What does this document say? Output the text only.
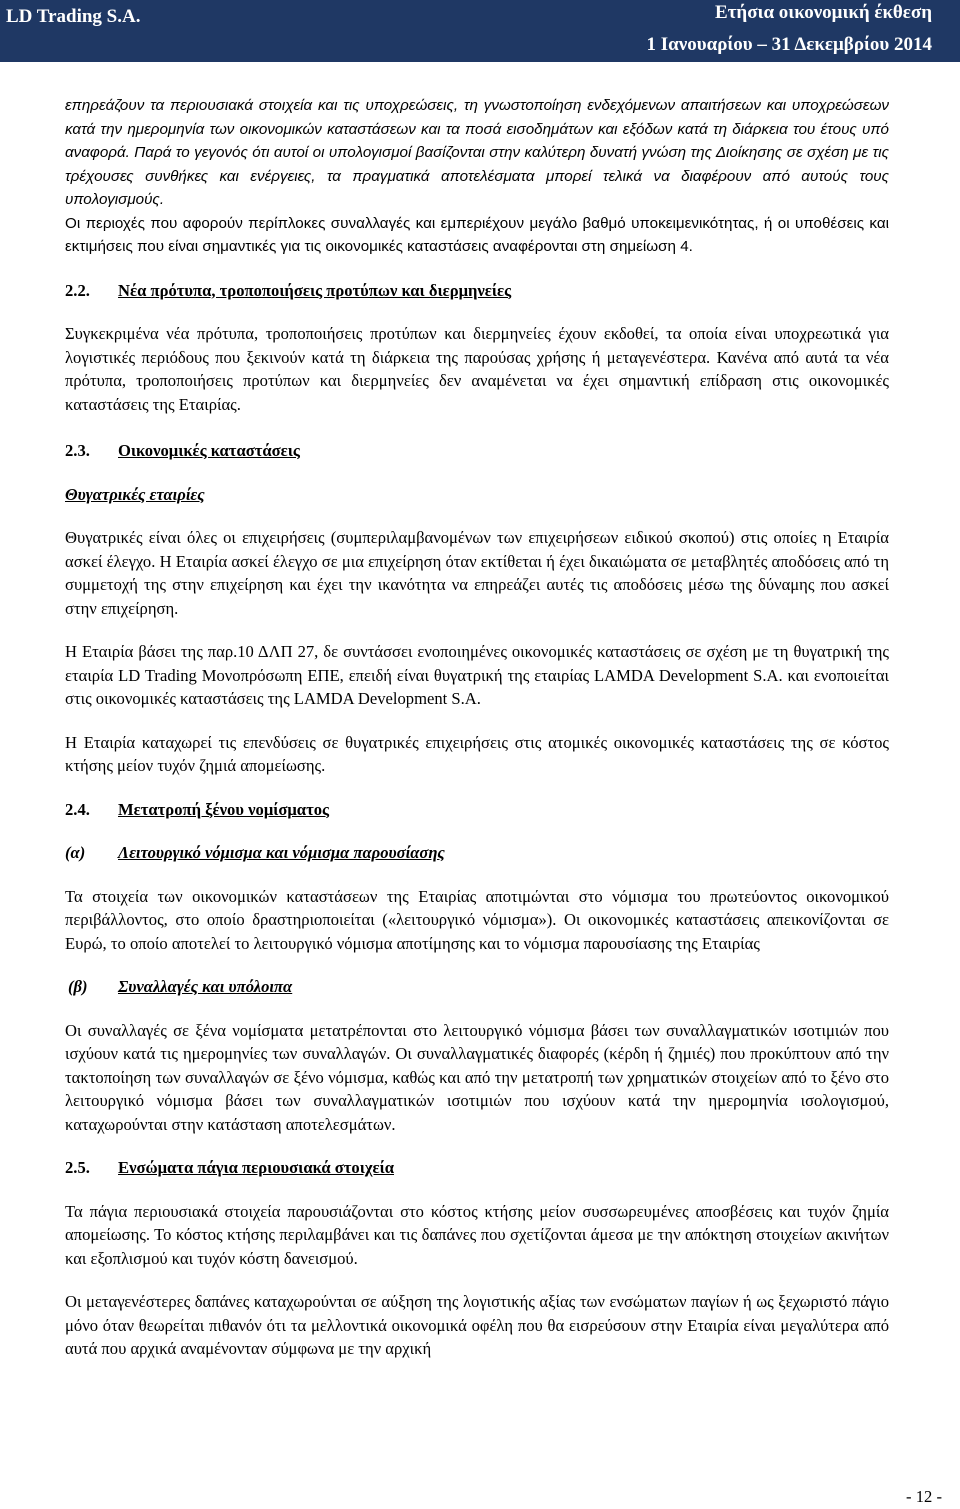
LD Trading S.A.	Ετήσια οικονομική έκθεση
1 Ιανουαρίου – 31 Δεκεμβρίου 2014

επηρεάζουν τα περιουσιακά στοιχεία και τις υποχρεώσεις, τη γνωστοποίηση ενδεχόμενων απαιτήσεων και υποχρεώσεων κατά την ημερομηνία των οικονομικών καταστάσεων και τα ποσά εισοδημάτων και εξόδων κατά τη διάρκεια του έτους υπό αναφορά. Παρά το γεγονός ότι αυτοί οι υπολογισμοί βασίζονται στην καλύτερη δυνατή γνώση της Διοίκησης σε σχέση με τις τρέχουσες συνθήκες και ενέργειες, τα πραγματικά αποτελέσματα μπορεί τελικά να διαφέρουν από αυτούς τους υπολογισμούς.

Οι περιοχές που αφορούν περίπλοκες συναλλαγές και εμπεριέχουν μεγάλο βαθμό υποκειμενικότητας, ή οι υποθέσεις και εκτιμήσεις που είναι σημαντικές για τις οικονομικές καταστάσεις αναφέρονται στη σημείωση 4.

2.2. Νέα πρότυπα, τροποποιήσεις προτύπων και διερμηνείες

Συγκεκριμένα νέα πρότυπα, τροποποιήσεις προτύπων και διερμηνείες έχουν εκδοθεί, τα οποία είναι υποχρεωτικά για λογιστικές περιόδους που ξεκινούν κατά τη διάρκεια της παρούσας χρήσης ή μεταγενέστερα. Κανένα από αυτά τα νέα πρότυπα, τροποποιήσεις προτύπων και διερμηνείες δεν αναμένεται να έχει σημαντική επίδραση στις οικονομικές καταστάσεις της Εταιρίας.

2.3. Οικονομικές καταστάσεις

Θυγατρικές εταιρίες

Θυγατρικές είναι όλες οι επιχειρήσεις (συμπεριλαμβανομένων των επιχειρήσεων ειδικού σκοπού) στις οποίες η Εταιρία ασκεί έλεγχο. Η Εταιρία ασκεί έλεγχο σε μια επιχείρηση όταν εκτίθεται ή έχει δικαιώματα σε μεταβλητές αποδόσεις από τη συμμετοχή της στην επιχείρηση και έχει την ικανότητα να επηρεάζει αυτές τις αποδόσεις μέσω της δύναμης που ασκεί στην επιχείρηση.

Η Εταιρία βάσει της παρ.10 ΔΛΠ 27, δε συντάσσει ενοποιημένες οικονομικές καταστάσεις σε σχέση με τη θυγατρική της εταιρία LD Trading Μονοπρόσωπη ΕΠΕ, επειδή είναι θυγατρική της εταιρίας LAMDA Development S.A. και ενοποιείται στις οικονομικές καταστάσεις της LAMDA Development S.A.

Η Εταιρία καταχωρεί τις επενδύσεις σε θυγατρικές επιχειρήσεις στις ατομικές οικονομικές καταστάσεις της σε κόστος κτήσης μείον τυχόν ζημιά απομείωσης.

2.4. Μετατροπή ξένου νομίσματος

(α) Λειτουργικό νόμισμα και νόμισμα παρουσίασης

Τα στοιχεία των οικονομικών καταστάσεων της Εταιρίας αποτιμώνται στο νόμισμα του πρωτεύοντος οικονομικού περιβάλλοντος, στο οποίο δραστηριοποιείται («λειτουργικό νόμισμα»). Οι οικονομικές καταστάσεις απεικονίζονται σε Ευρώ, το οποίο αποτελεί το λειτουργικό νόμισμα αποτίμησης και το νόμισμα παρουσίασης της Εταιρίας

(β) Συναλλαγές και υπόλοιπα

Οι συναλλαγές σε ξένα νομίσματα μετατρέπονται στο λειτουργικό νόμισμα βάσει των συναλλαγματικών ισοτιμιών που ισχύουν κατά τις ημερομηνίες των συναλλαγών. Οι συναλλαγματικές διαφορές (κέρδη ή ζημιές) που προκύπτουν από την τακτοποίηση των συναλλαγών σε ξένο νόμισμα, καθώς και από την μετατροπή των χρηματικών στοιχείων από το ξένο στο λειτουργικό νόμισμα βάσει των συναλλαγματικών ισοτιμιών που ισχύουν κατά την ημερομηνία ισολογισμού, καταχωρούνται στην κατάσταση αποτελεσμάτων.

2.5. Ενσώματα πάγια περιουσιακά στοιχεία

Τα πάγια περιουσιακά στοιχεία παρουσιάζονται στο κόστος κτήσης μείον συσσωρευμένες αποσβέσεις και τυχόν ζημία απομείωσης. Το κόστος κτήσης περιλαμβάνει και τις δαπάνες που σχετίζονται άμεσα με την απόκτηση στοιχείων ακινήτων και εξοπλισμού και τυχόν κόστη δανεισμού.

Οι μεταγενέστερες δαπάνες καταχωρούνται σε αύξηση της λογιστικής αξίας των ενσώματων παγίων ή ως ξεχωριστό πάγιο μόνο όταν θεωρείται πιθανόν ότι τα μελλοντικά οικονομικά οφέλη που θα εισρεύσουν στην Εταιρία είναι μεγαλύτερα από αυτά που αρχικά αναμένονταν σύμφωνα με την αρχική

- 12 -
